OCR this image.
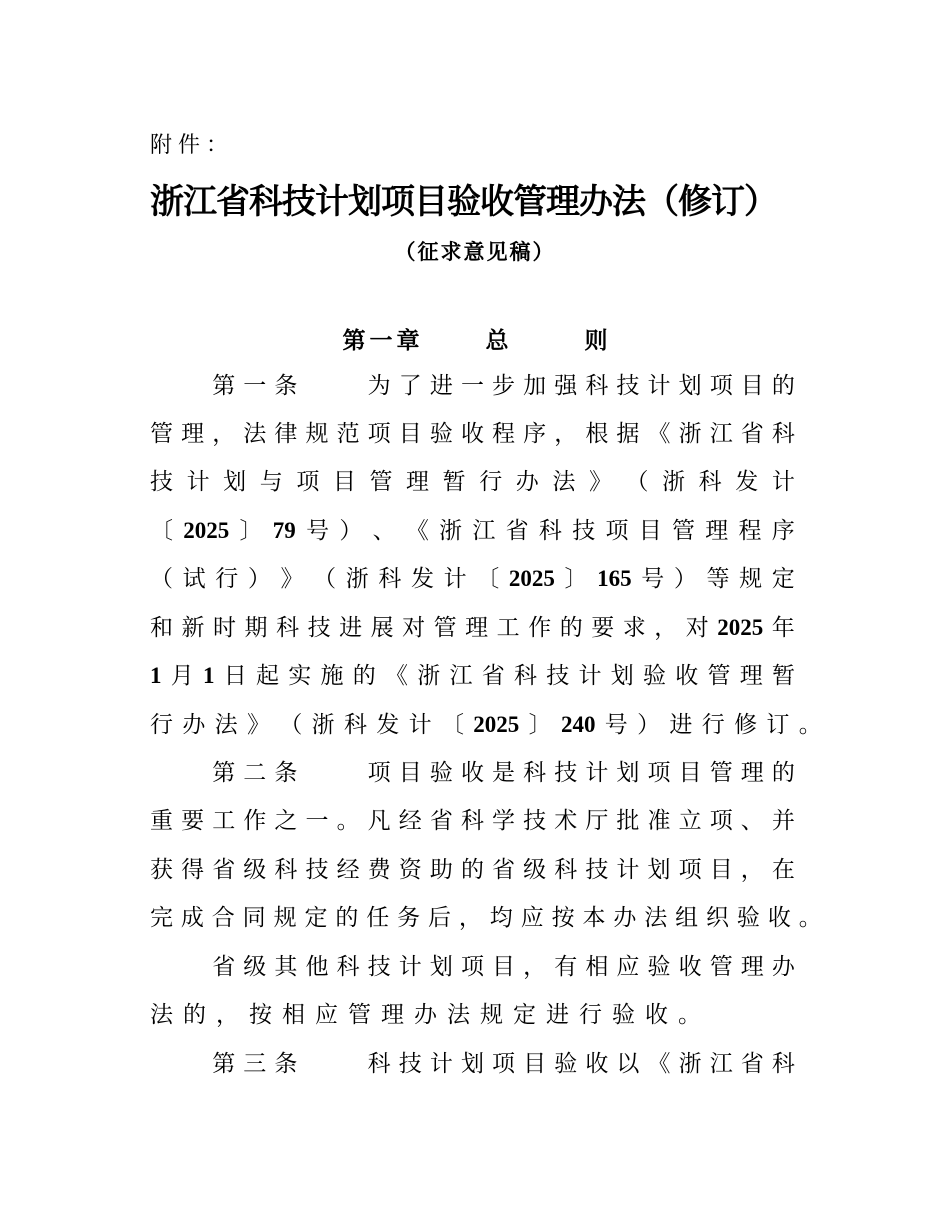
附件：
浙江省科技计划项目验收管理办法（修订）
（征求意见稿）
第一章	总	则
第 一 条	为 了 进 一 步 加 强 科 技 计 划 项 目 的
管 理 ， 法 律 规 范 项 目 验 收 程 序 ， 根 据 《 浙 江 省 科
技 计 划 与 项 目 管 理 暂 行 办 法 》 （ 浙 科 发 计
〔 2025 〕 79 号 ） 、 《 浙 江 省 科 技 项 目 管 理 程 序
（ 试 行 ） 》 （ 浙 科 发 计 〔 2025 〕 165 号 ） 等 规 定
和 新 时 期 科 技 进 展 对 管 理 工 作 的 要 求 ， 对 2025 年
1 月 1 日 起 实 施 的 《 浙 江 省 科 技 计 划 验 收 管 理 暂
行 办 法 》 （ 浙 科 发 计 〔 2025 〕 240 号 ） 进 行 修 订 。
第 二 条	项 目 验 收 是 科 技 计 划 项 目 管 理 的
重 要 工 作 之 一 。 凡 经 省 科 学 技 术 厅 批 准 立 项 、 并
获 得 省 级 科 技 经 费 资 助 的 省 级 科 技 计 划 项 目 ， 在
完 成 合 同 规 定 的 任 务 后 ， 均 应 按 本 办 法 组 织 验 收 。
省 级 其 他 科 技 计 划 项 目 ， 有 相 应 验 收 管 理 办
法的，按相应管理办法规定进行验收。
第 三 条	科 技 计 划 项 目 验 收 以 《 浙 江 省 科
